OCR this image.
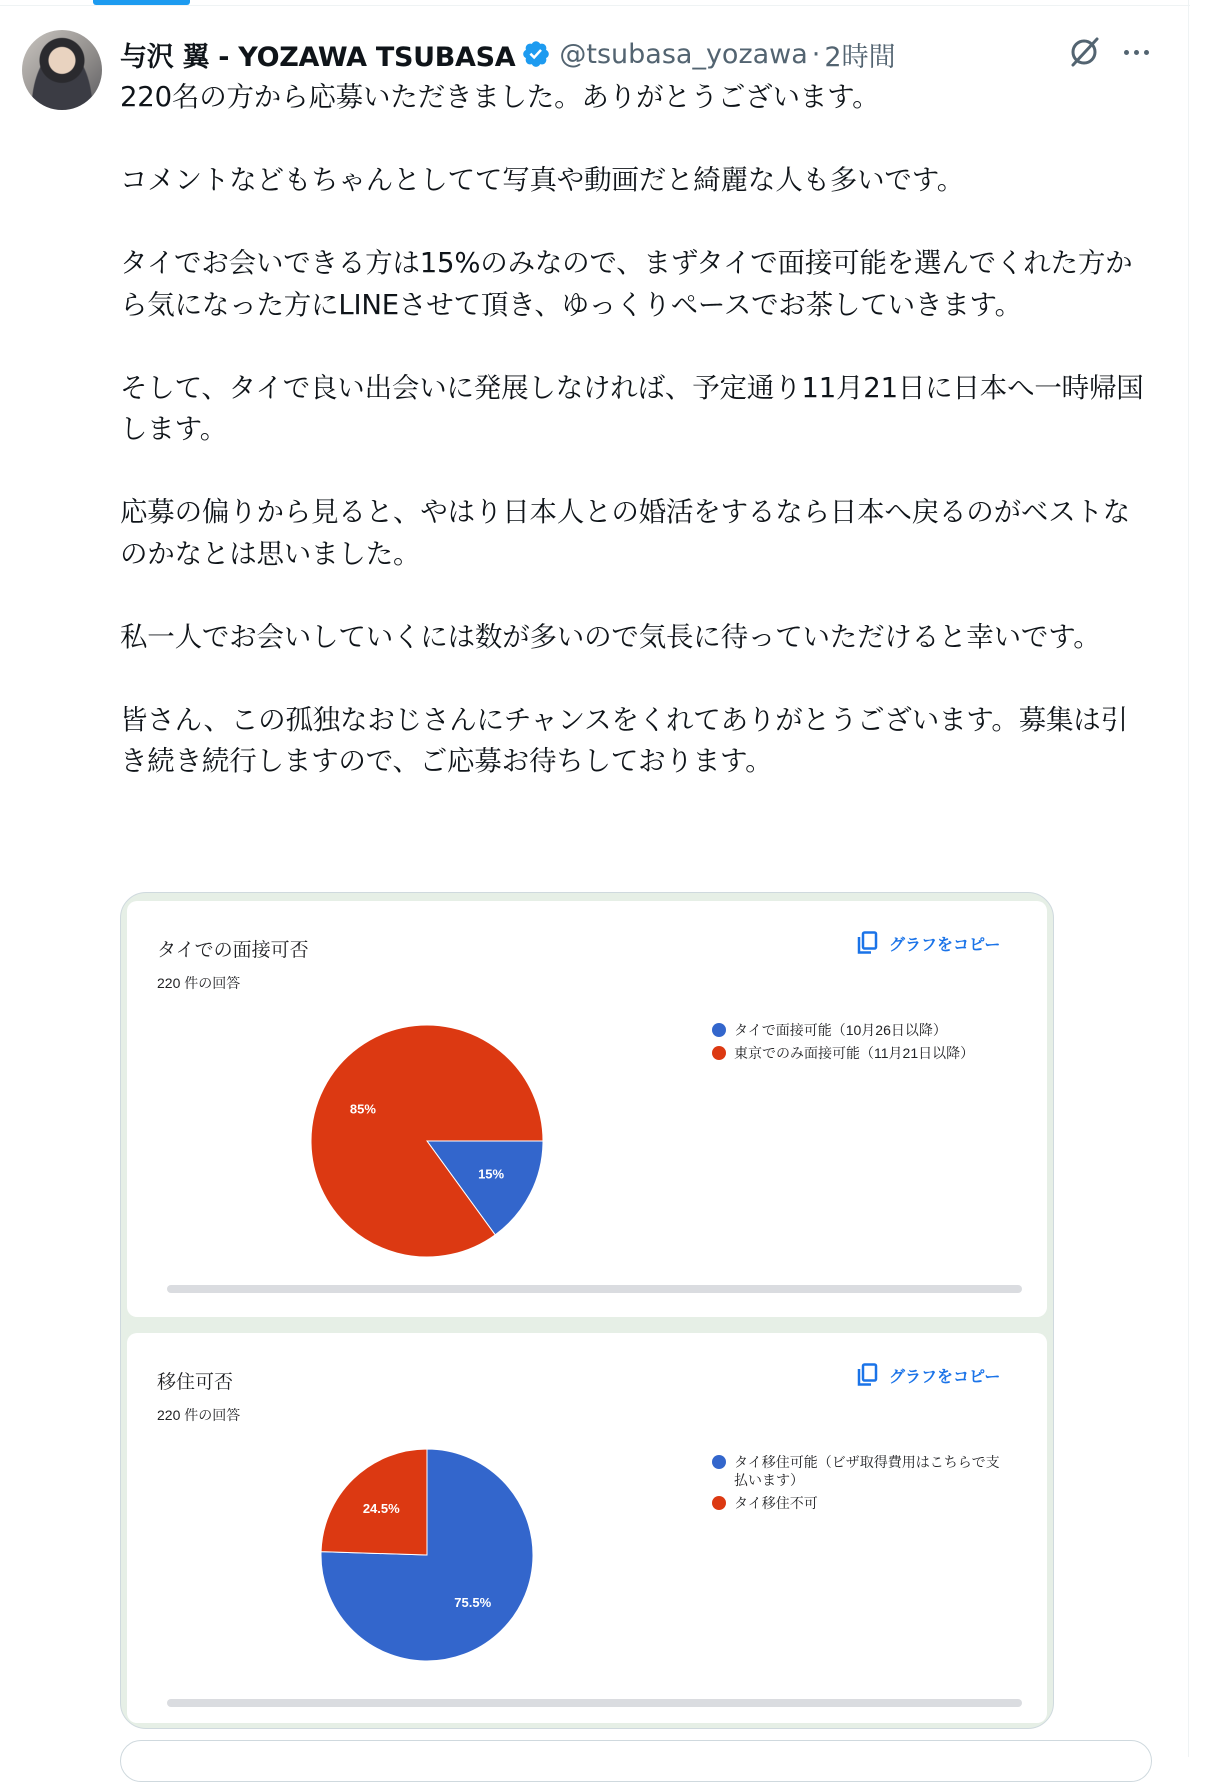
与沢 翼 - YOZAWA TSUBASA @tsubasa_yozawa · 2時間

220名の方から応募いただきました。ありがとうございます。

コメントなどもちゃんとしてて写真や動画だと綺麗な人も多いです。

タイでお会いできる方は15%のみなので、まずタイで面接可能を選んでくれた方から気になった方にLINEさせて頂き、ゆっくりペースでお茶していきます。

そして、タイで良い出会いに発展しなければ、予定通り11月21日に日本へ一時帰国します。

応募の偏りから見ると、やはり日本人との婚活をするなら日本へ戻るのがベストなのかなとは思いました。

私一人でお会いしていくには数が多いので気長に待っていただけると幸いです。

皆さん、この孤独なおじさんにチャンスをくれてありがとうございます。募集は引き続き続行しますので、ご応募お待ちしております。

タイでの面接可否
220 件の回答
グラフをコピー
15%
85%
タイで面接可能（10月26日以降）
東京でのみ面接可能（11月21日以降）
移住可否
220 件の回答
グラフをコピー
75.5%
24.5%
タイ移住可能（ビザ取得費用はこちらで支払います）
タイ移住不可
